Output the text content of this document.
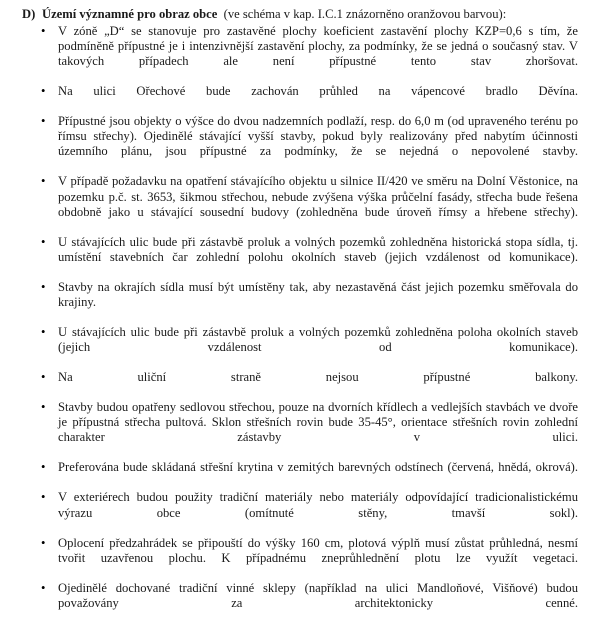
D) Území významné pro obraz obce (ve schéma v kap. I.C.1 znázorněno oranžovou barvou):
• V zóně „D“ se stanovuje pro zastavěné plochy koeficient zastavění plochy KZP=0,6 s tím, že podmíněně přípustné je i intenzivnější zastavění plochy, za podmínky, že se jedná o současný stav. V takových případech ale není přípustné tento stav zhoršovat.
• Na ulici Ořechové bude zachován průhled na vápencové bradlo Děvína.
• Přípustné jsou objekty o výšce do dvou nadzemních podlaží, resp. do 6,0 m (od upraveného terénu po římsu střechy). Ojedinělé stávající vyšší stavby, pokud byly realizovány před nabytím účinnosti územního plánu, jsou přípustné za podmínky, že se nejedná o nepovolené stavby.
• V případě požadavku na opatření stávajícího objektu u silnice II/420 ve směru na Dolní Věstonice, na pozemku p.č. st. 3653, šikmou střechou, nebude zvýšena výška průčelní fasády, střecha bude řešena obdobně jako u stávající sousední budovy (zohledněna bude úroveň římsy a hřebene střechy).
• U stávajících ulic bude při zástavbě proluk a volných pozemků zohledněna historická stopa sídla, tj. umístění stavebních čar zohlední polohu okolních staveb (jejich vzdálenost od komunikace).
• Stavby na okrajích sídla musí být umístěny tak, aby nezastavěná část jejich pozemku směřovala do krajiny.
• U stávajících ulic bude při zástavbě proluk a volných pozemků zohledněna poloha okolních staveb (jejich vzdálenost od komunikace).
• Na uliční straně nejsou přípustné balkony.
• Stavby budou opatřeny sedlovou střechou, pouze na dvorních křídlech a vedlejších stavbách ve dvoře je přípustná střecha pultová. Sklon střešních rovin bude 35-45°, orientace střešních rovin zohlední charakter zástavby v ulici.
• Preferována bude skládaná střešní krytina v zemitých barevných odstínech (červená, hnědá, okrová).
• V exteriérech budou použity tradiční materiály nebo materiály odpovídající tradicionalistickému výrazu obce (omítnuté stěny, tmavší sokl).
• Oplocení předzahrádek se připouští do výšky 160 cm, plotová výplň musí zůstat průhledná, nesmí tvořit uzavřenou plochu. K případnému zneprůhlednění plotu lze využít vegetaci.
• Ojedinělé dochované tradiční vinné sklepy (například na ulici Mandloňové, Višňové) budou považovány za architektonicky cenné.
